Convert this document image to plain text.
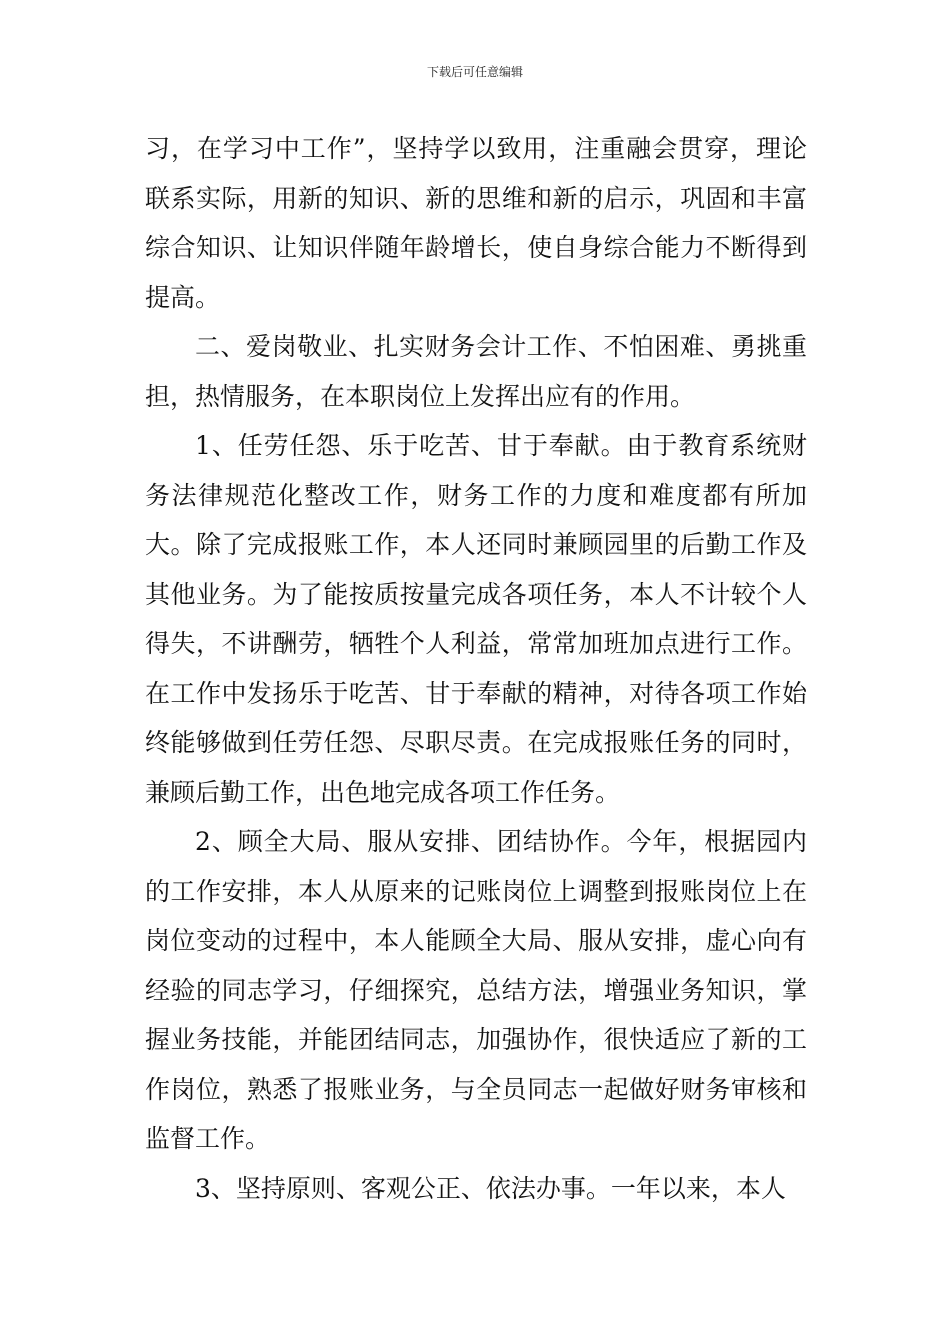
下载后可任意编辑

习，在学习中工作”，坚持学以致用，注重融会贯穿，理论联系实际，用新的知识、新的思维和新的启示，巩固和丰富综合知识、让知识伴随年龄增长，使自身综合能力不断得到提高。

二、爱岗敬业、扎实财务会计工作、不怕困难、勇挑重担，热情服务，在本职岗位上发挥出应有的作用。

1、任劳任怨、乐于吃苦、甘于奉献。由于教育系统财务法律规范化整改工作，财务工作的力度和难度都有所加大。除了完成报账工作，本人还同时兼顾园里的后勤工作及其他业务。为了能按质按量完成各项任务，本人不计较个人得失，不讲酬劳，牺牲个人利益，常常加班加点进行工作。在工作中发扬乐于吃苦、甘于奉献的精神，对待各项工作始终能够做到任劳任怨、尽职尽责。在完成报账任务的同时，兼顾后勤工作，出色地完成各项工作任务。

2、顾全大局、服从安排、团结协作。今年，根据园内的工作安排，本人从原来的记账岗位上调整到报账岗位上在岗位变动的过程中，本人能顾全大局、服从安排，虚心向有经验的同志学习，仔细探究，总结方法，增强业务知识，掌握业务技能，并能团结同志，加强协作，很快适应了新的工作岗位，熟悉了报账业务，与全员同志一起做好财务审核和监督工作。

3、坚持原则、客观公正、依法办事。一年以来，本人
